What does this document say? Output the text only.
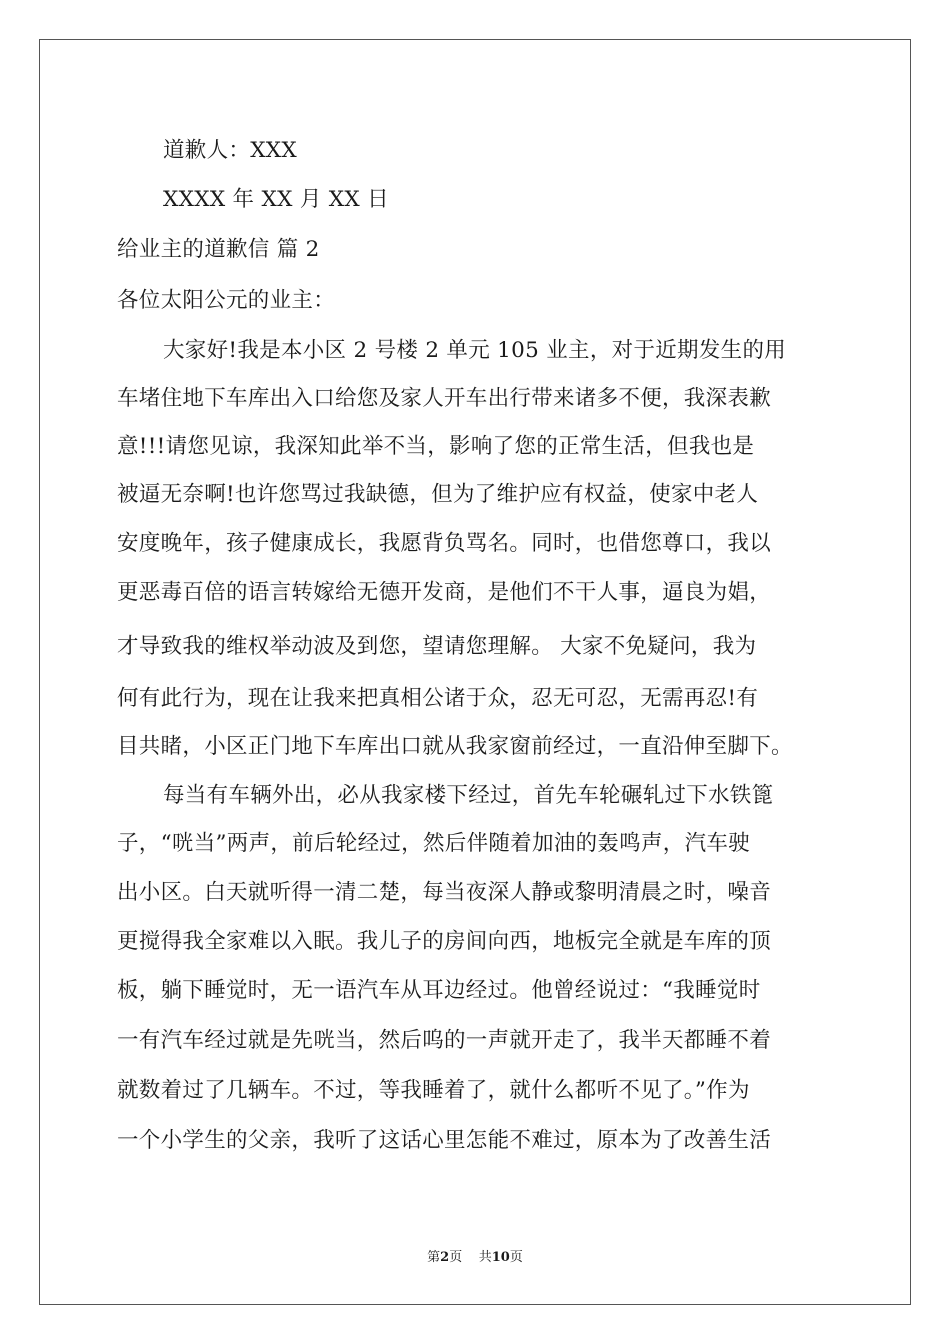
道歉人：XXX
XXXX 年 XX 月 XX 日
给业主的道歉信 篇 2
各位太阳公元的业主：
大家好!我是本小区 2 号楼 2 单元 105 业主，对于近期发生的用
车堵住地下车库出入口给您及家人开车出行带来诸多不便，我深表歉
意!!!请您见谅，我深知此举不当，影响了您的正常生活，但我也是
被逼无奈啊!也许您骂过我缺德，但为了维护应有权益，使家中老人
安度晚年，孩子健康成长，我愿背负骂名。同时，也借您尊口，我以
更恶毒百倍的语言转嫁给无德开发商，是他们不干人事，逼良为娼，
才导致我的维权举动波及到您，望请您理解。 大家不免疑问，我为
何有此行为，现在让我来把真相公诸于众，忍无可忍，无需再忍!有
目共睹，小区正门地下车库出口就从我家窗前经过，一直沿伸至脚下。
每当有车辆外出，必从我家楼下经过，首先车轮碾轧过下水铁篦
子，“咣当”两声，前后轮经过，然后伴随着加油的轰鸣声，汽车驶
出小区。白天就听得一清二楚，每当夜深人静或黎明清晨之时，噪音
更搅得我全家难以入眠。我儿子的房间向西，地板完全就是车库的顶
板，躺下睡觉时，无一语汽车从耳边经过。他曾经说过：“我睡觉时
一有汽车经过就是先咣当，然后呜的一声就开走了，我半天都睡不着
就数着过了几辆车。不过，等我睡着了，就什么都听不见了。”作为
一个小学生的父亲，我听了这话心里怎能不难过，原本为了改善生活
第2页    共10页
